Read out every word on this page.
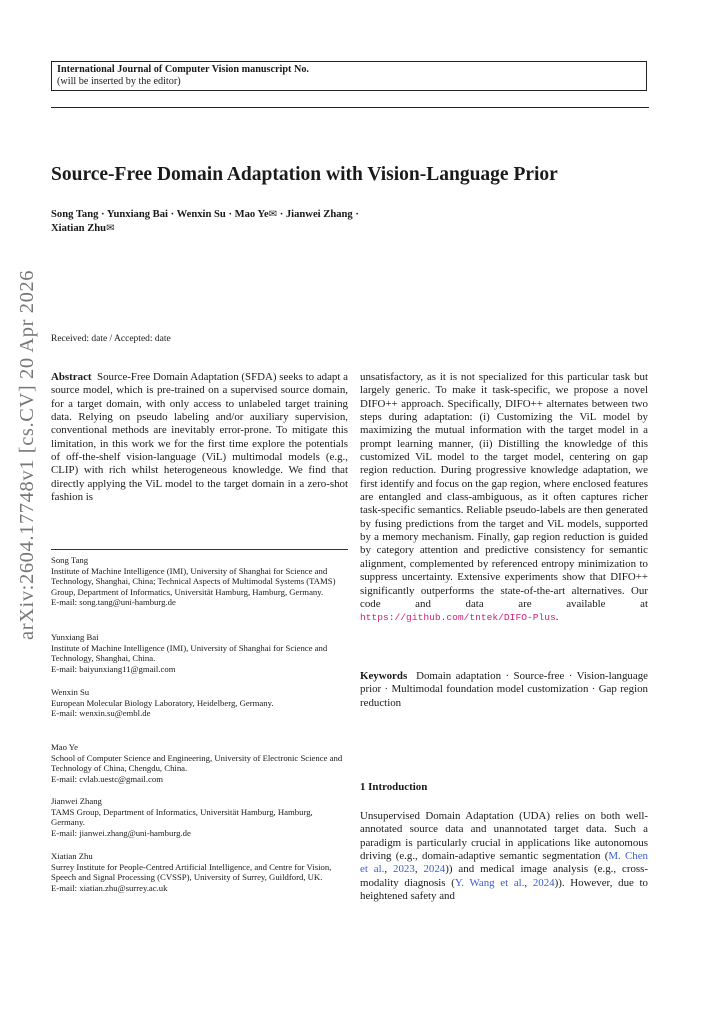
International Journal of Computer Vision manuscript No.
(will be inserted by the editor)
Source-Free Domain Adaptation with Vision-Language Prior
Song Tang · Yunxiang Bai · Wenxin Su · Mao Ye✉ · Jianwei Zhang ·
Xiatian Zhu✉
arXiv:2604.17748v1 [cs.CV] 20 Apr 2026 Received: date / Accepted: date
Abstract Source-Free Domain Adaptation (SFDA) seeks to adapt a source model, which is pre-trained on a supervised source domain, for a target domain, with only access to unlabeled target training data. Relying on pseudo labeling and/or auxiliary supervision, conventional methods are inevitably error-prone. To mitigate this limitation, in this work we for the first time explore the potentials of off-the-shelf vision-language (ViL) multimodal models (e.g., CLIP) with rich whilst heterogeneous knowledge. We find that directly applying the ViL model to the target domain in a zero-shot fashion is
Song Tang
Institute of Machine Intelligence (IMI), University of Shanghai for Science and Technology, Shanghai, China; Technical Aspects of Multimodal Systems (TAMS) Group, Department of Informatics, Universität Hamburg, Hamburg, Germany.
E-mail: song.tang@uni-hamburg.de
Yunxiang Bai
Institute of Machine Intelligence (IMI), University of Shanghai for Science and Technology, Shanghai, China.
E-mail: baiyunxiang11@gmail.com
Wenxin Su
European Molecular Biology Laboratory, Heidelberg, Germany.
E-mail: wenxin.su@embl.de
Mao Ye
School of Computer Science and Engineering, University of Electronic Science and Technology of China, Chengdu, China.
E-mail: cvlab.uestc@gmail.com
Jianwei Zhang
TAMS Group, Department of Informatics, Universität Hamburg, Hamburg, Germany.
E-mail: jianwei.zhang@uni-hamburg.de
Xiatian Zhu
Surrey Institute for People-Centred Artificial Intelligence, and Centre for Vision, Speech and Signal Processing (CVSSP), University of Surrey, Guildford, UK.
E-mail: xiatian.zhu@surrey.ac.uk
unsatisfactory, as it is not specialized for this particular task but largely generic. To make it task-specific, we propose a novel DIFO++ approach. Specifically, DIFO++ alternates between two steps during adaptation: (i) Customizing the ViL model by maximizing the mutual information with the target model in a prompt learning manner, (ii) Distilling the knowledge of this customized ViL model to the target model, centering on gap region reduction. During progressive knowledge adaptation, we first identify and focus on the gap region, where enclosed features are entangled and class-ambiguous, as it often captures richer task-specific semantics. Reliable pseudo-labels are then generated by fusing predictions from the target and ViL models, supported by a memory mechanism. Finally, gap region reduction is guided by category attention and predictive consistency for semantic alignment, complemented by referenced entropy minimization to suppress uncertainty. Extensive experiments show that DIFO++ significantly outperforms the state-of-the-art alternatives. Our code and data are available at https://github.com/tntek/DIFO-Plus.
Keywords Domain adaptation · Source-free · Vision-language prior · Multimodal foundation model customization · Gap region reduction
1 Introduction
Unsupervised Domain Adaptation (UDA) relies on both well-annotated source data and unannotated target data. Such a paradigm is particularly crucial in applications like autonomous driving (e.g., domain-adaptive semantic segmentation (M. Chen et al., 2023, 2024)) and medical image analysis (e.g., cross-modality diagnosis (Y. Wang et al., 2024)). However, due to heightened safety and
